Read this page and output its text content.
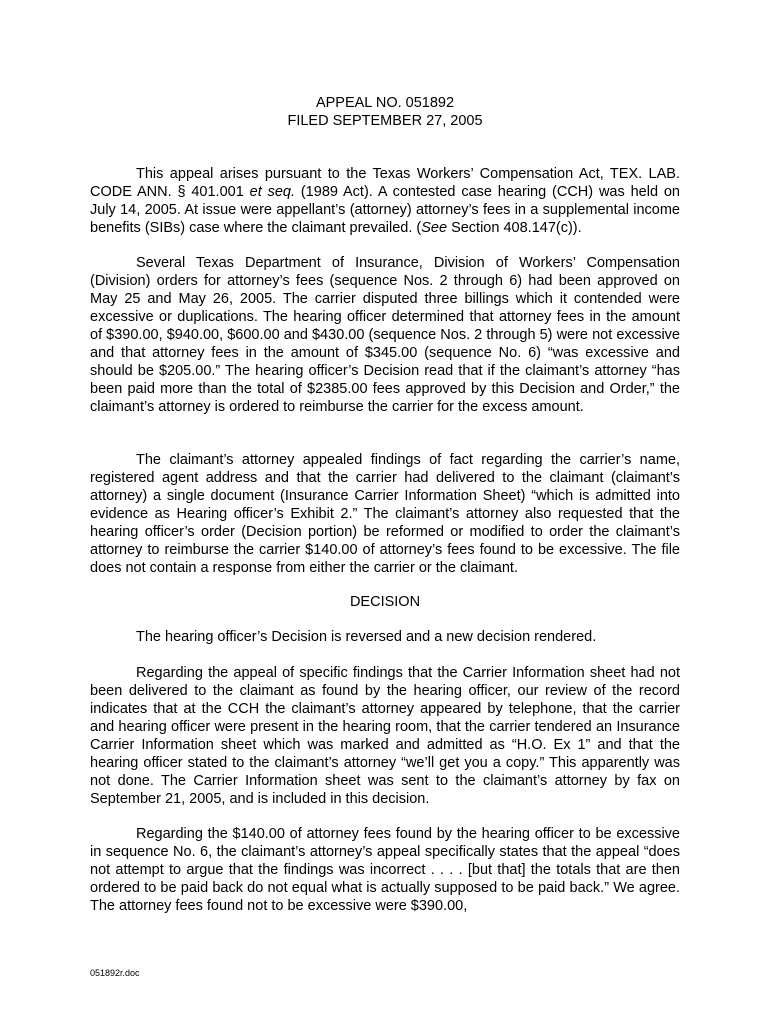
APPEAL NO. 051892

FILED SEPTEMBER 27, 2005

This appeal arises pursuant to the Texas Workers’ Compensation Act, TEX. LAB. CODE ANN. § 401.001 et seq. (1989 Act). A contested case hearing (CCH) was held on July 14, 2005. At issue were appellant’s (attorney) attorney’s fees in a supplemental income benefits (SIBs) case where the claimant prevailed. (See Section 408.147(c)).

Several Texas Department of Insurance, Division of Workers’ Compensation (Division) orders for attorney’s fees (sequence Nos. 2 through 6) had been approved on May 25 and May 26, 2005. The carrier disputed three billings which it contended were excessive or duplications. The hearing officer determined that attorney fees in the amount of $390.00, $940.00, $600.00 and $430.00 (sequence Nos. 2 through 5) were not excessive and that attorney fees in the amount of $345.00 (sequence No. 6) “was excessive and should be $205.00.” The hearing officer’s Decision read that if the claimant’s attorney “has been paid more than the total of $2385.00 fees approved by this Decision and Order,” the claimant’s attorney is ordered to reimburse the carrier for the excess amount.

The claimant’s attorney appealed findings of fact regarding the carrier’s name, registered agent address and that the carrier had delivered to the claimant (claimant’s attorney) a single document (Insurance Carrier Information Sheet) “which is admitted into evidence as Hearing officer’s Exhibit 2.” The claimant’s attorney also requested that the hearing officer’s order (Decision portion) be reformed or modified to order the claimant’s attorney to reimburse the carrier $140.00 of attorney’s fees found to be excessive. The file does not contain a response from either the carrier or the claimant.

DECISION

The hearing officer’s Decision is reversed and a new decision rendered.

Regarding the appeal of specific findings that the Carrier Information sheet had not been delivered to the claimant as found by the hearing officer, our review of the record indicates that at the CCH the claimant’s attorney appeared by telephone, that the carrier and hearing officer were present in the hearing room, that the carrier tendered an Insurance Carrier Information sheet which was marked and admitted as “H.O. Ex 1” and that the hearing officer stated to the claimant’s attorney “we’ll get you a copy.” This apparently was not done. The Carrier Information sheet was sent to the claimant’s attorney by fax on September 21, 2005, and is included in this decision.

Regarding the $140.00 of attorney fees found by the hearing officer to be excessive in sequence No. 6, the claimant’s attorney’s appeal specifically states that the appeal “does not attempt to argue that the findings was incorrect . . . . [but that] the totals that are then ordered to be paid back do not equal what is actually supposed to be paid back.” We agree. The attorney fees found not to be excessive were $390.00,

051892r.doc
